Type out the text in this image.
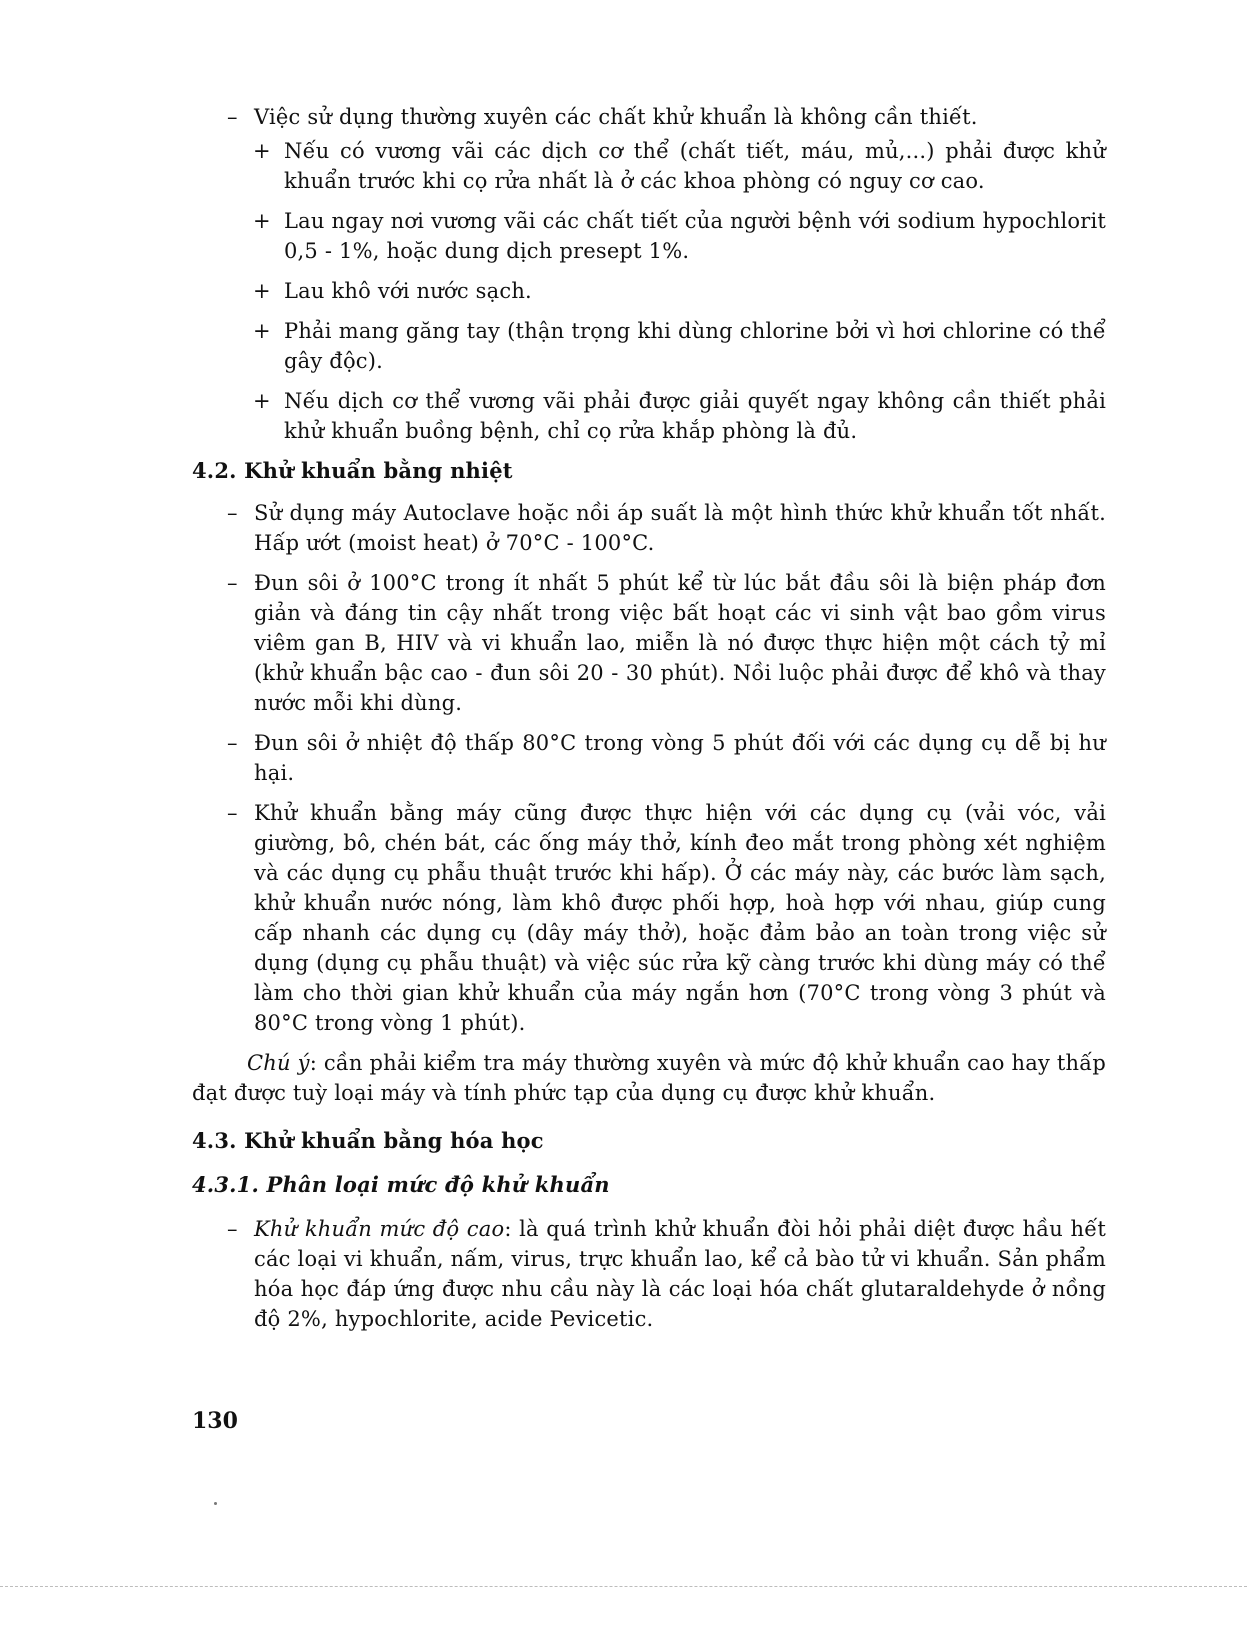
– Việc sử dụng thường xuyên các chất khử khuẩn là không cần thiết.
+ Nếu có vương vãi các dịch cơ thể (chất tiết, máu, mủ,...) phải được khử khuẩn trước khi cọ rửa nhất là ở các khoa phòng có nguy cơ cao.
+ Lau ngay nơi vương vãi các chất tiết của người bệnh với sodium hypochlorit 0,5 - 1%, hoặc dung dịch presept 1%.
+ Lau khô với nước sạch.
+ Phải mang găng tay (thận trọng khi dùng chlorine bởi vì hơi chlorine có thể gây độc).
+ Nếu dịch cơ thể vương vãi phải được giải quyết ngay không cần thiết phải khử khuẩn buồng bệnh, chỉ cọ rửa khắp phòng là đủ.
4.2. Khử khuẩn bằng nhiệt
– Sử dụng máy Autoclave hoặc nồi áp suất là một hình thức khử khuẩn tốt nhất. Hấp ướt (moist heat) ở 70°C - 100°C.
– Đun sôi ở 100°C trong ít nhất 5 phút kể từ lúc bắt đầu sôi là biện pháp đơn giản và đáng tin cậy nhất trong việc bất hoạt các vi sinh vật bao gồm virus viêm gan B, HIV và vi khuẩn lao, miễn là nó được thực hiện một cách tỷ mỉ (khử khuẩn bậc cao - đun sôi 20 - 30 phút). Nồi luộc phải được để khô và thay nước mỗi khi dùng.
– Đun sôi ở nhiệt độ thấp 80°C trong vòng 5 phút đối với các dụng cụ dễ bị hư hại.
– Khử khuẩn bằng máy cũng được thực hiện với các dụng cụ (vải vóc, vải giường, bô, chén bát, các ống máy thở, kính đeo mắt trong phòng xét nghiệm và các dụng cụ phẫu thuật trước khi hấp). Ở các máy này, các bước làm sạch, khử khuẩn nước nóng, làm khô được phối hợp, hoà hợp với nhau, giúp cung cấp nhanh các dụng cụ (dây máy thở), hoặc đảm bảo an toàn trong việc sử dụng (dụng cụ phẫu thuật) và việc súc rửa kỹ càng trước khi dùng máy có thể làm cho thời gian khử khuẩn của máy ngắn hơn (70°C trong vòng 3 phút và 80°C trong vòng 1 phút).

Chú ý: cần phải kiểm tra máy thường xuyên và mức độ khử khuẩn cao hay thấp đạt được tuỳ loại máy và tính phức tạp của dụng cụ được khử khuẩn.

4.3. Khử khuẩn bằng hóa học
4.3.1. Phân loại mức độ khử khuẩn
– Khử khuẩn mức độ cao: là quá trình khử khuẩn đòi hỏi phải diệt được hầu hết các loại vi khuẩn, nấm, virus, trực khuẩn lao, kể cả bào tử vi khuẩn. Sản phẩm hóa học đáp ứng được nhu cầu này là các loại hóa chất glutaraldehyde ở nồng độ 2%, hypochlorite, acide Pevicetic.
130
